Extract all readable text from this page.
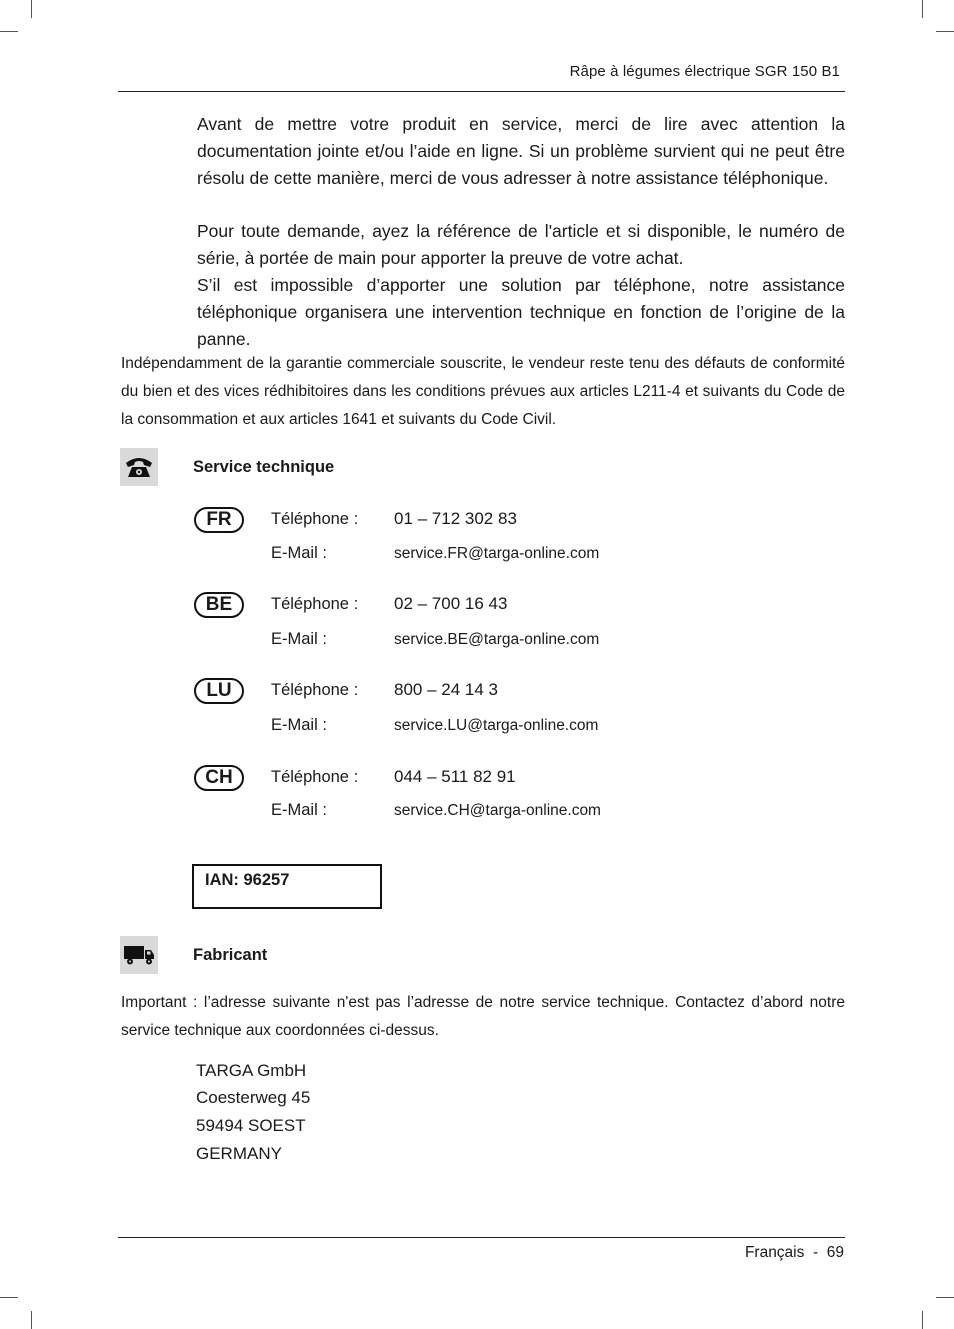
Râpe à légumes électrique SGR 150 B1

Avant de mettre votre produit en service, merci de lire avec attention la documentation jointe et/ou l’aide en ligne. Si un problème survient qui ne peut être résolu de cette manière, merci de vous adresser à notre assistance téléphonique.

Pour toute demande, ayez la référence de l'article et si disponible, le numéro de série, à portée de main pour apporter la preuve de votre achat.

S’il est impossible d’apporter une solution par téléphone, notre assistance téléphonique organisera une intervention technique en fonction de l’origine de la panne.

Indépendamment de la garantie commerciale souscrite, le vendeur reste tenu des défauts de conformité du bien et des vices rédhibitoires dans les conditions prévues aux articles L211-4 et suivants du Code de la consommation et aux articles 1641 et suivants du Code Civil.

Service technique
FR	Téléphone : 01 – 712 302 83
E-Mail :	service.FR@targa-online.com
BE	Téléphone : 02 – 700 16 43
E-Mail :	service.BE@targa-online.com
LU	Téléphone : 800 – 24 14 3
E-Mail :	service.LU@targa-online.com
CH	Téléphone : 044 – 511 82 91
E-Mail :	service.CH@targa-online.com
IAN: 96257
Fabricant

Important : l’adresse suivante n'est pas l’adresse de notre service technique. Contactez d’abord notre service technique aux coordonnées ci-dessus.

TARGA GmbH
Coesterweg 45
59494 SOEST
GERMANY
Français  -  69
